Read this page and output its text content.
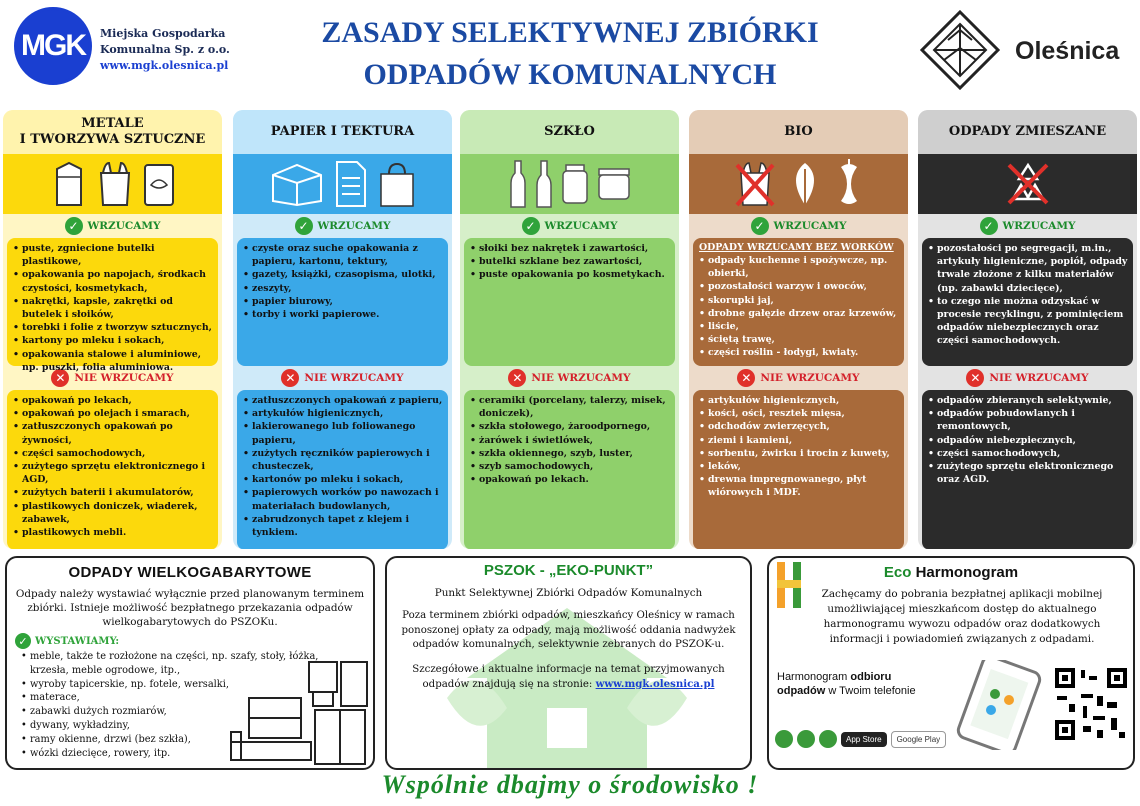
MGK Miejska Gospodarka
Komunalna Sp. z o.o.
www.mgk.olesnica.pl
ZASADY SELEKTYWNEJ ZBIÓRKI
ODPADÓW KOMUNALNYCH
Oleśnica
METALE
I TWORZYWA SZTUCZNE
✓ WRZUCAMY
• puste, zgniecione butelki plastikowe,
• opakowania po napojach, środkach czystości, kosmetykach,
• nakrętki, kapsle, zakrętki od butelek i słoików,
• torebki i folie z tworzyw sztucznych,
• kartony po mleku i sokach,
• opakowania stalowe i aluminiowe, np. puszki, folia aluminiowa.
✕ NIE WRZUCAMY
• opakowań po lekach,
• opakowań po olejach i smarach,
• zatłuszczonych opakowań po żywności,
• części samochodowych,
• zużytego sprzętu elektronicznego i AGD,
• zużytych baterii i akumulatorów,
• plastikowych doniczek, wiaderek, zabawek,
• plastikowych mebli.
PAPIER I TEKTURA
✓ WRZUCAMY
• czyste oraz suche opakowania z papieru, kartonu, tektury,
• gazety, książki, czasopisma, ulotki,
• zeszyty,
• papier biurowy,
• torby i worki papierowe.
✕ NIE WRZUCAMY
• zatłuszczonych opakowań z papieru,
• artykułów higienicznych,
• lakierowanego lub foliowanego papieru,
• zużytych ręczników papierowych i chusteczek,
• kartonów po mleku i sokach,
• papierowych worków po nawozach i materiałach budowlanych,
• zabrudzonych tapet z klejem i tynkiem.
SZKŁO
✓ WRZUCAMY
• słoiki bez nakrętek i zawartości,
• butelki szklane bez zawartości,
• puste opakowania po kosmetykach.
✕ NIE WRZUCAMY
• ceramiki (porcelany, talerzy, misek, doniczek),
• szkła stołowego, żaroodpornego,
• żarówek i świetlówek,
• szkła okiennego, szyb, luster,
• szyb samochodowych,
• opakowań po lekach.
BIO
✓ WRZUCAMY
ODPADY WRZUCAMY BEZ WORKÓW
• odpady kuchenne i spożywcze, np. obierki,
• pozostałości warzyw i owoców,
• skorupki jaj,
• drobne gałęzie drzew oraz krzewów,
• liście,
• ściętą trawę,
• części roślin - łodygi, kwiaty.
✕ NIE WRZUCAMY
• artykułów higienicznych,
• kości, ości, resztek mięsa,
• odchodów zwierzęcych,
• ziemi i kamieni,
• sorbentu, żwirku i trocin z kuwety,
• leków,
• drewna impregnowanego, płyt wiórowych i MDF.
ODPADY ZMIESZANE
✓ WRZUCAMY
• pozostałości po segregacji, m.in., artykuły higieniczne, popiół, odpady trwale złożone z kilku materiałów (np. zabawki dziecięce),
• to czego nie można odzyskać w procesie recyklingu, z pominięciem odpadów niebezpiecznych oraz części samochodowych.
✕ NIE WRZUCAMY
• odpadów zbieranych selektywnie,
• odpadów pobudowlanych i remontowych,
• odpadów niebezpiecznych,
• części samochodowych,
• zużytego sprzętu elektronicznego oraz AGD.
ODPADY WIELKOGABARYTOWE
Odpady należy wystawiać wyłącznie przed planowanym terminem zbiórki. Istnieje możliwość bezpłatnego przekazania odpadów wielkogabarytowych do PSZOKu.
✓ WYSTAWIAMY:
• meble, także te rozłożone na części, np. szafy, stoły, łóżka, krzesła, meble ogrodowe, itp.,
• wyroby tapicerskie, np. fotele, wersalki,
• materace,
• zabawki dużych rozmiarów,
• dywany, wykładziny,
• ramy okienne, drzwi (bez szkła),
• wózki dziecięce, rowery, itp.
PSZOK - „EKO-PUNKT”
Punkt Selektywnej Zbiórki Odpadów Komunalnych
Poza terminem zbiórki odpadów, mieszkańcy Oleśnicy w ramach ponoszonej opłaty za odpady, mają możliwość oddania nadwyżek odpadów komunalnych, selektywnie zebranych do PSZOK-u.
Szczegółowe i aktualne informacje na temat przyjmowanych odpadów znajdują się na stronie: www.mgk.olesnica.pl
Eco Harmonogram
Zachęcamy do pobrania bezpłatnej aplikacji mobilnej umożliwiającej mieszkańcom dostęp do aktualnego harmonogramu wywozu odpadów oraz dodatkowych informacji i powiadomień związanych z odpadami.
Harmonogram odbioru
odpadów w Twoim telefonie
App Store	Google Play
Wspólnie dbajmy o środowisko !
